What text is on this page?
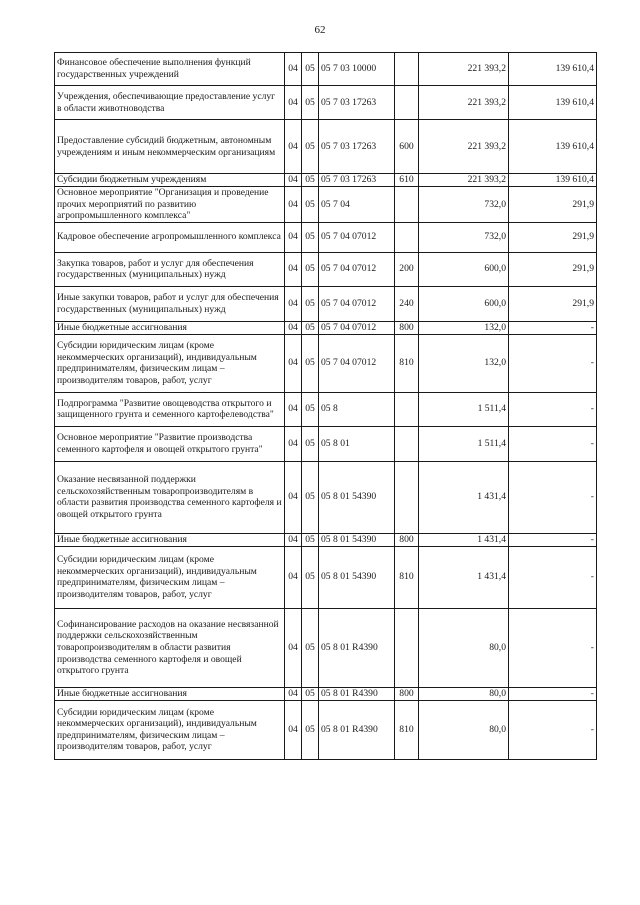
62
Финансовое обеспечение выполнения функций государственных учреждений	04	05	05 7 03 10000		221 393,2	139 610,4
Учреждения, обеспечивающие предоставление услуг в области животноводства	04	05	05 7 03 17263		221 393,2	139 610,4
Предоставление субсидий бюджетным, автономным учреждениям и иным некоммерческим организациям	04	05	05 7 03 17263	600	221 393,2	139 610,4
Субсидии бюджетным учреждениям	04	05	05 7 03 17263	610	221 393,2	139 610,4
Основное мероприятие "Организация и проведение прочих мероприятий по развитию агропромышленного комплекса"	04	05	05 7 04		732,0	291,9
Кадровое обеспечение агропромышленного комплекса	04	05	05 7 04 07012		732,0	291,9
Закупка товаров, работ и услуг для обеспечения государственных (муниципальных) нужд	04	05	05 7 04 07012	200	600,0	291,9
Иные закупки товаров, работ и услуг для обеспечения государственных (муниципальных) нужд	04	05	05 7 04 07012	240	600,0	291,9
Иные бюджетные ассигнования	04	05	05 7 04 07012	800	132,0	-
Субсидии юридическим лицам (кроме некоммерческих организаций), индивидуальным предпринимателям, физическим лицам – производителям товаров, работ, услуг	04	05	05 7 04 07012	810	132,0	-
Подпрограмма "Развитие овощеводства открытого и защищенного грунта и семенного картофелеводства"	04	05	05 8		1 511,4	-
Основное мероприятие "Развитие производства семенного картофеля и овощей открытого грунта"	04	05	05 8 01		1 511,4	-
Оказание несвязанной поддержки сельскохозяйственным товаропроизводителям в области развития производства семенного картофеля и овощей открытого грунта	04	05	05 8 01 54390		1 431,4	-
Иные бюджетные ассигнования	04	05	05 8 01 54390	800	1 431,4	-
Субсидии юридическим лицам (кроме некоммерческих организаций), индивидуальным предпринимателям, физическим лицам – производителям товаров, работ, услуг	04	05	05 8 01 54390	810	1 431,4	-
Софинансирование расходов на оказание несвязанной поддержки сельскохозяйственным товаропроизводителям в области развития производства семенного картофеля и овощей открытого грунта	04	05	05 8 01 R4390		80,0	-
Иные бюджетные ассигнования	04	05	05 8 01 R4390	800	80,0	-
Субсидии юридическим лицам (кроме некоммерческих организаций), индивидуальным предпринимателям, физическим лицам – производителям товаров, работ, услуг	04	05	05 8 01 R4390	810	80,0	-
